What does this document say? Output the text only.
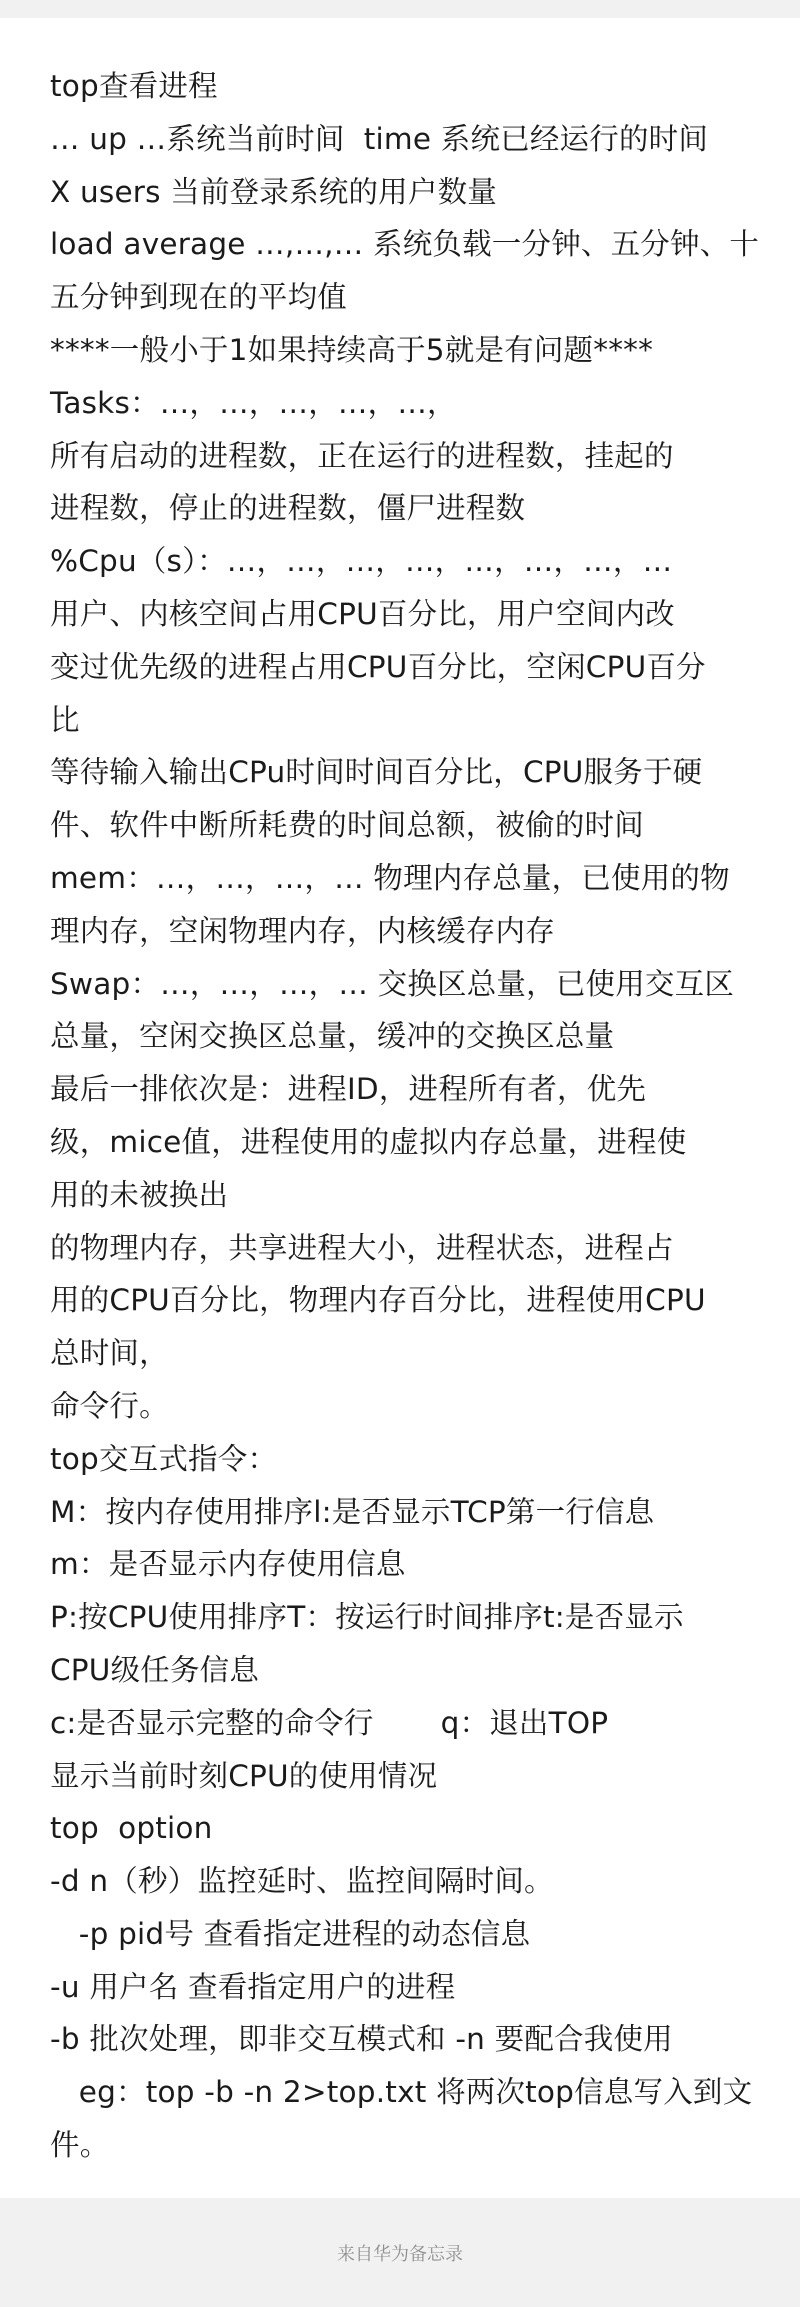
top查看进程
… up …系统当前时间  time 系统已经运行的时间
X users 当前登录系统的用户数量
load average …,…,… 系统负载一分钟、五分钟、十
五分钟到现在的平均值
****一般小于1如果持续高于5就是有问题****
Tasks：…，…，…，…，…，
所有启动的进程数，正在运行的进程数，挂起的
进程数，停止的进程数，僵尸进程数
%Cpu（s）：…，…，…，…，…，…，…，…
用户、内核空间占用CPU百分比，用户空间内改
变过优先级的进程占用CPU百分比，空闲CPU百分
比
等待输入输出CPu时间时间百分比，CPU服务于硬
件、软件中断所耗费的时间总额，被偷的时间
mem：…，…，…，… 物理内存总量，已使用的物
理内存，空闲物理内存，内核缓存内存
Swap：…，…，…，… 交换区总量，已使用交互区
总量，空闲交换区总量，缓冲的交换区总量
最后一排依次是：进程ID，进程所有者，优先
级，mice值，进程使用的虚拟内存总量，进程使
用的未被换出
的物理内存，共享进程大小，进程状态，进程占
用的CPU百分比，物理内存百分比，进程使用CPU
总时间，
命令行。
top交互式指令：
M：按内存使用排序l:是否显示TCP第一行信息
m：是否显示内存使用信息
P:按CPU使用排序T：按运行时间排序t:是否显示
CPU级任务信息
c:是否显示完整的命令行       q：退出TOP
显示当前时刻CPU的使用情况
top  option
-d n（秒）监控延时、监控间隔时间。
-p pid号 查看指定进程的动态信息
-u 用户名 查看指定用户的进程
-b 批次处理，即非交互模式和 -n 要配合我使用
eg：top -b -n 2>top.txt 将两次top信息写入到文
件。
来自华为备忘录
